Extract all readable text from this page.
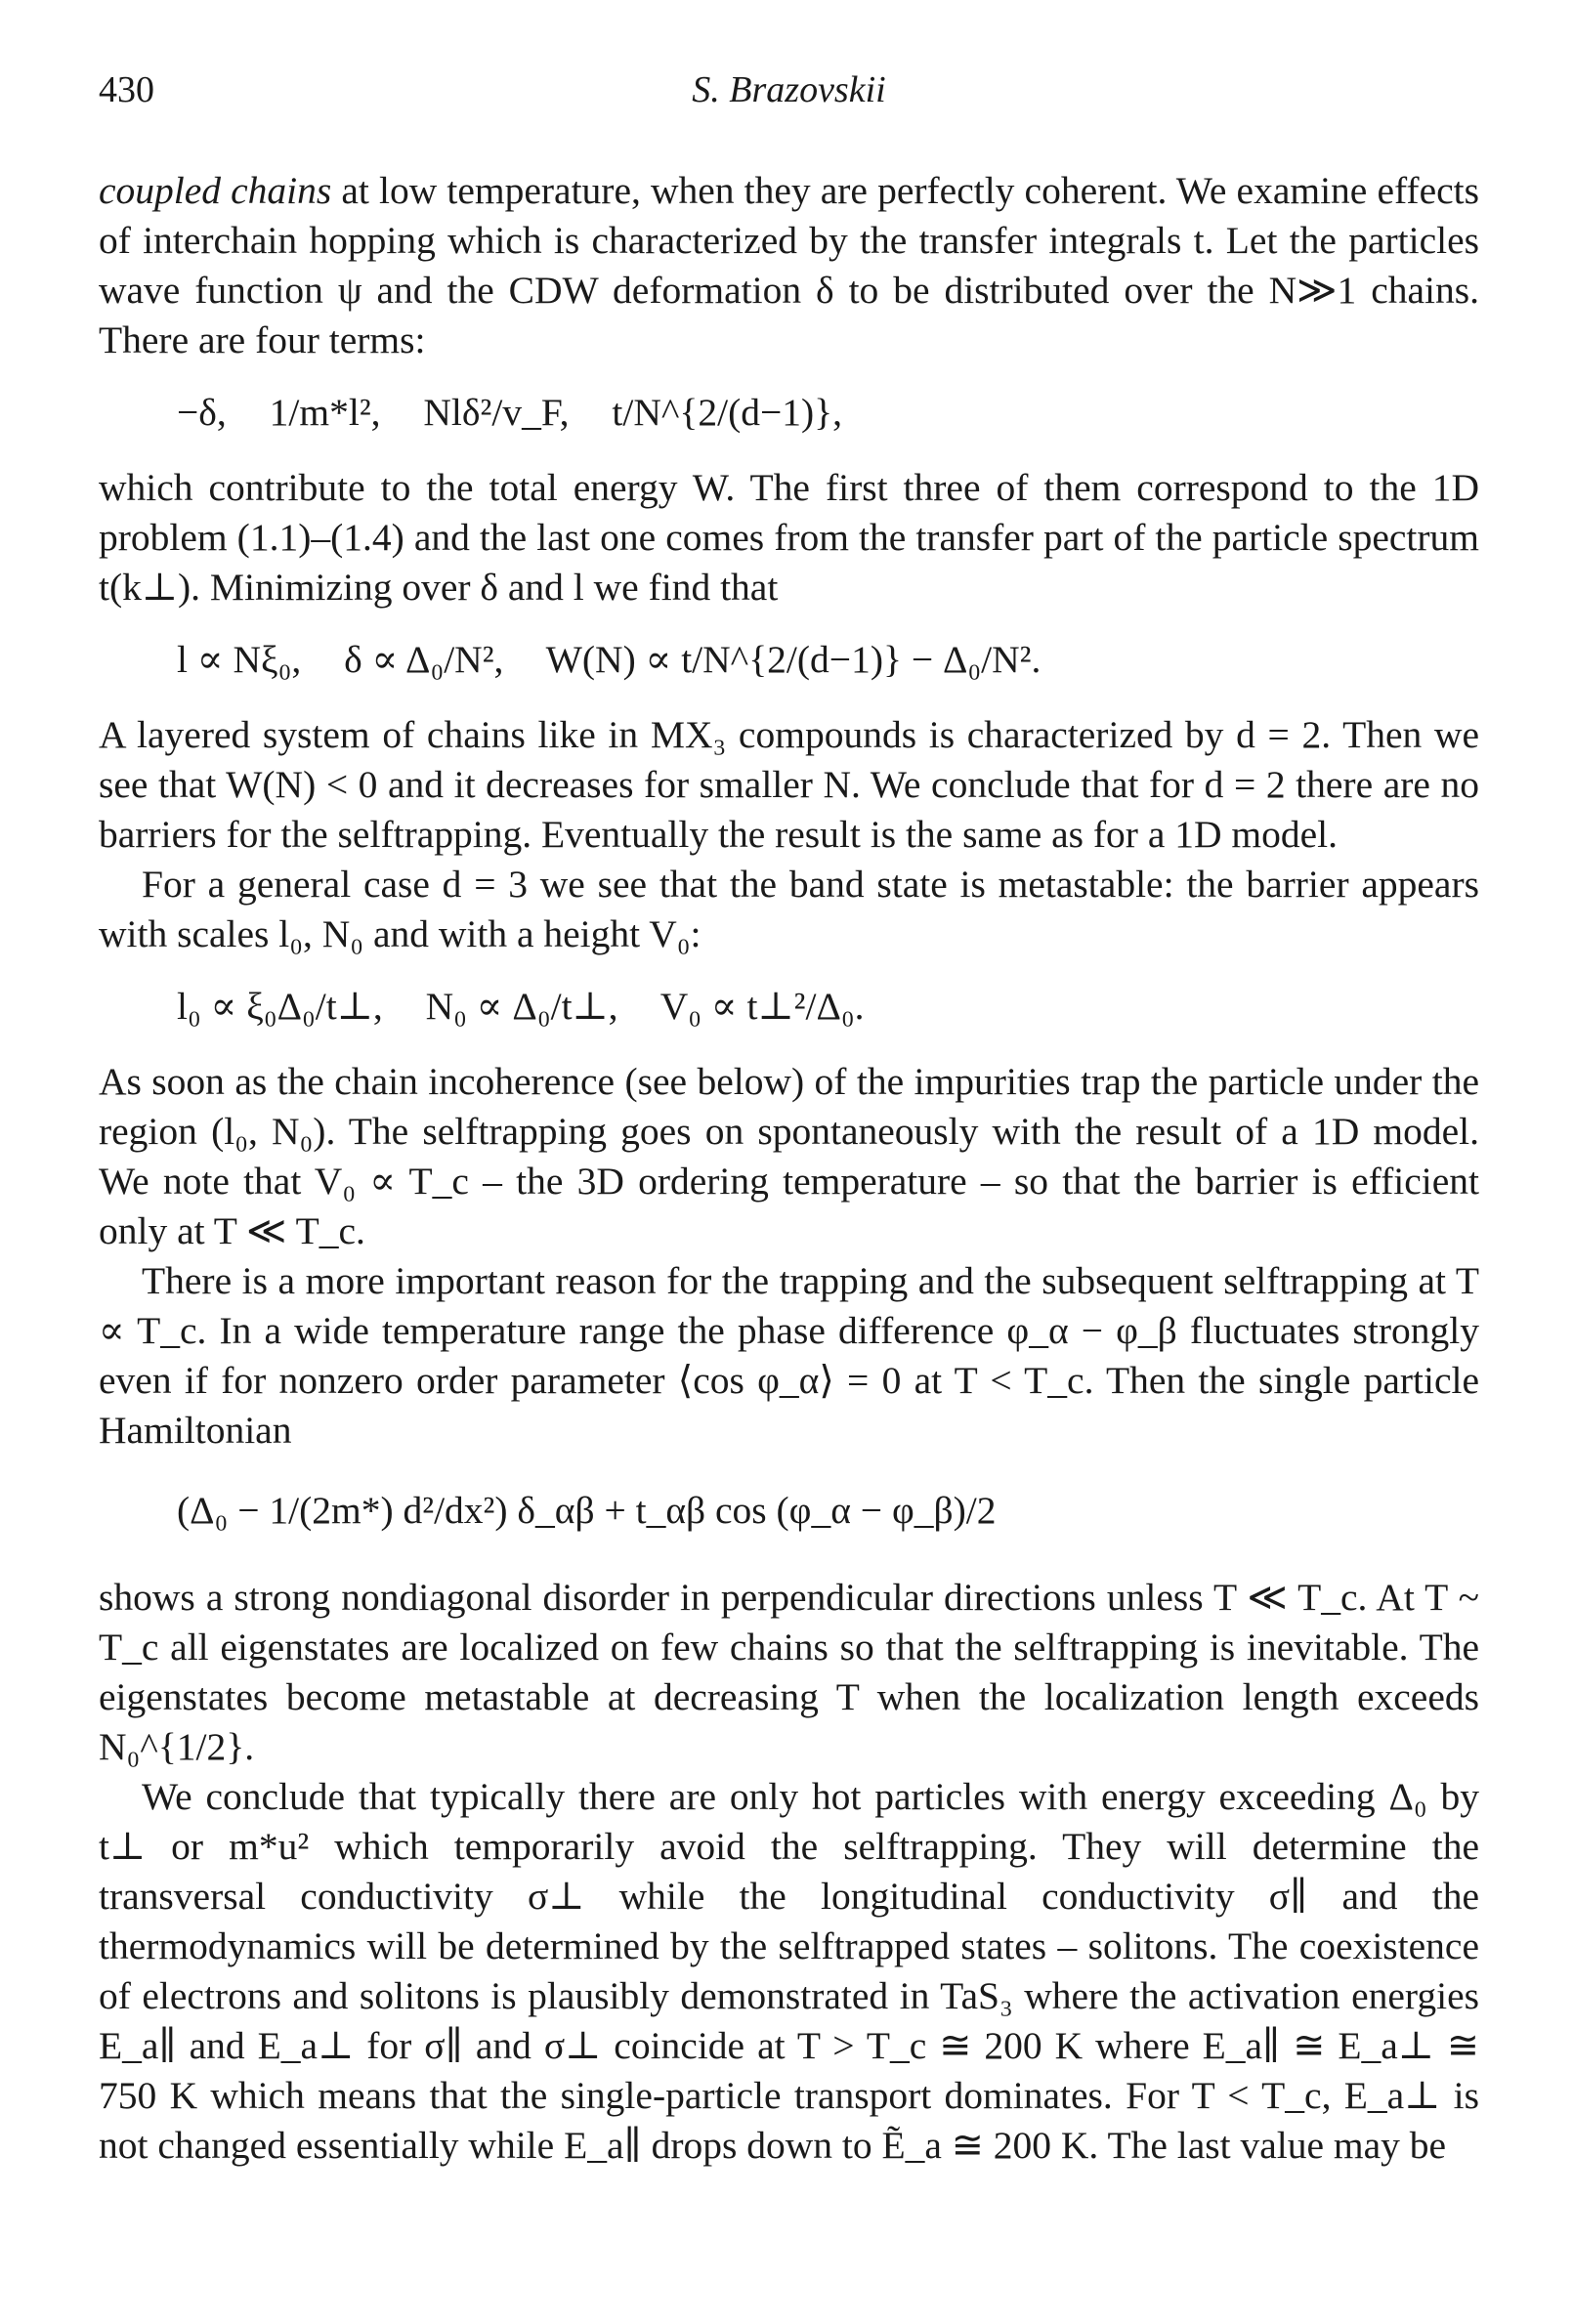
430	S. Brazovskii

coupled chains at low temperature, when they are perfectly coherent. We examine effects of interchain hopping which is characterized by the transfer integrals t. Let the particles wave function ψ and the CDW deformation δ to be distributed over the N≫1 chains. There are four terms:

−δ, 1/m*l², Nlδ²/v_F, t/N^{2/(d−1)},

which contribute to the total energy W. The first three of them correspond to the 1D problem (1.1)–(1.4) and the last one comes from the transfer part of the particle spectrum t(k⊥). Minimizing over δ and l we find that

l ∝ Nξ₀, δ ∝ Δ₀/N², W(N) ∝ t/N^{2/(d−1)} − Δ₀/N².

A layered system of chains like in MX₃ compounds is characterized by d = 2. Then we see that W(N) < 0 and it decreases for smaller N. We conclude that for d = 2 there are no barriers for the selftrapping. Eventually the result is the same as for a 1D model.

For a general case d = 3 we see that the band state is metastable: the barrier appears with scales l₀, N₀ and with a height V₀:

l₀ ∝ ξ₀Δ₀/t⊥, N₀ ∝ Δ₀/t⊥, V₀ ∝ t⊥²/Δ₀.

As soon as the chain incoherence (see below) of the impurities trap the particle under the region (l₀, N₀). The selftrapping goes on spontaneously with the result of a 1D model. We note that V₀ ∝ T_c – the 3D ordering temperature – so that the barrier is efficient only at T ≪ T_c.

There is a more important reason for the trapping and the subsequent selftrapping at T ∝ T_c. In a wide temperature range the phase difference φ_α − φ_β fluctuates strongly even if for nonzero order parameter ⟨cos φ_α⟩ = 0 at T < T_c. Then the single particle Hamiltonian

(Δ₀ − 1/(2m*) d²/dx²) δ_αβ + t_αβ cos (φ_α − φ_β)/2

shows a strong nondiagonal disorder in perpendicular directions unless T ≪ T_c. At T ~ T_c all eigenstates are localized on few chains so that the selftrapping is inevitable. The eigenstates become metastable at decreasing T when the localization length exceeds N₀^{1/2}.

We conclude that typically there are only hot particles with energy exceeding Δ₀ by t⊥ or m*u² which temporarily avoid the selftrapping. They will determine the transversal conductivity σ⊥ while the longitudinal conductivity σ∥ and the thermodynamics will be determined by the selftrapped states – solitons. The coexistence of electrons and solitons is plausibly demonstrated in TaS₃ where the activation energies E_a∥ and E_a⊥ for σ∥ and σ⊥ coincide at T > T_c ≅ 200 K where E_a∥ ≅ E_a⊥ ≅ 750 K which means that the single-particle transport dominates. For T < T_c, E_a⊥ is not changed essentially while E_a∥ drops down to Ẽ_a ≅ 200 K. The last value may be
